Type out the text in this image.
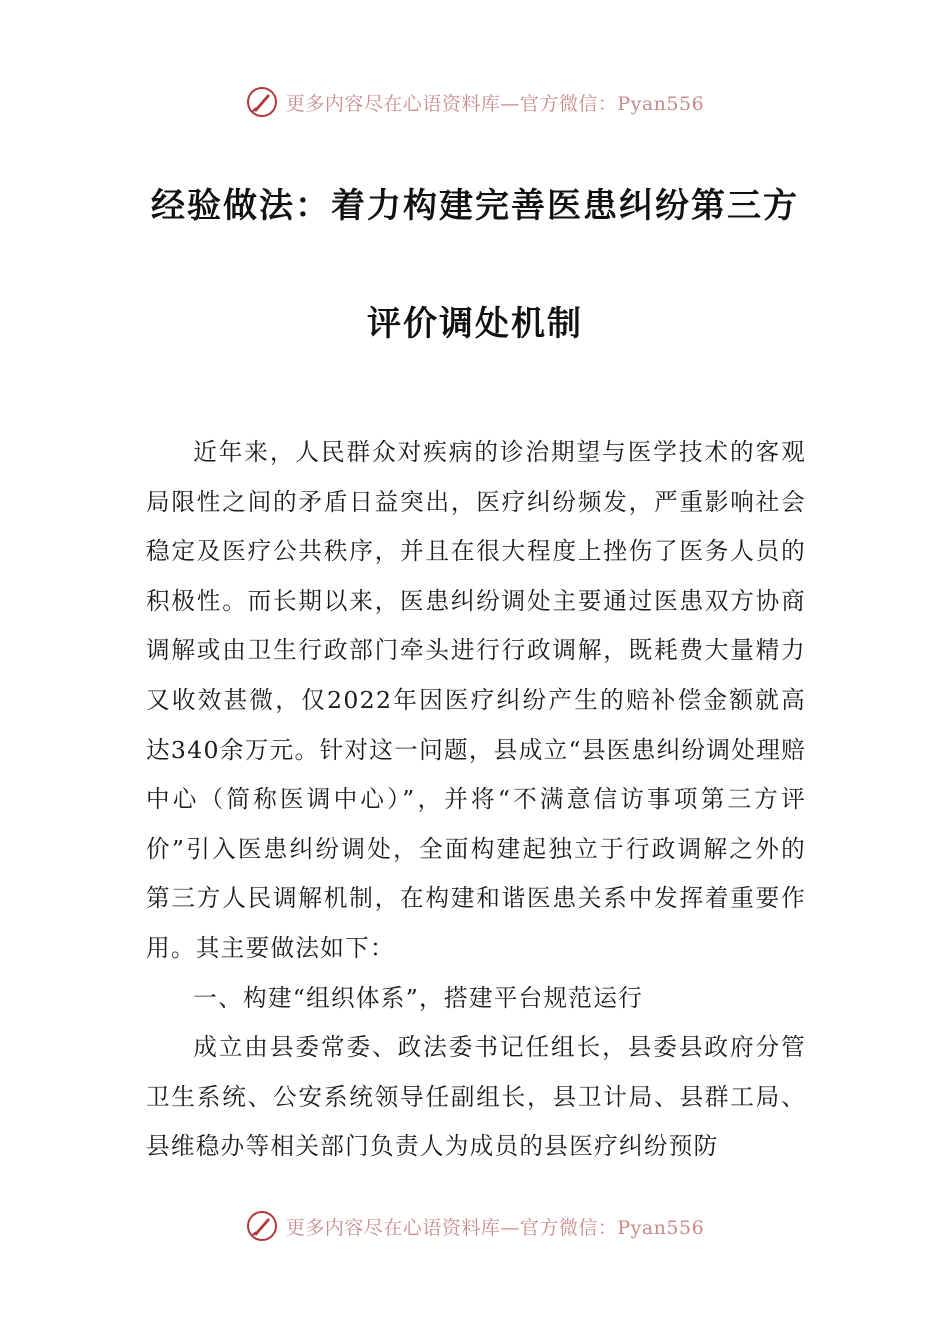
更多内容尽在心语资料库—官方微信：Pyan556
经验做法：着力构建完善医患纠纷第三方
评价调处机制

近年来，人民群众对疾病的诊治期望与医学技术的客观局限性之间的矛盾日益突出，医疗纠纷频发，严重影响社会稳定及医疗公共秩序，并且在很大程度上挫伤了医务人员的积极性。而长期以来，医患纠纷调处主要通过医患双方协商调解或由卫生行政部门牵头进行行政调解，既耗费大量精力又收效甚微，仅2022年因医疗纠纷产生的赔补偿金额就高达340余万元。针对这一问题，县成立“县医患纠纷调处理赔中心（简称医调中心）”，并将“不满意信访事项第三方评价”引入医患纠纷调处，全面构建起独立于行政调解之外的第三方人民调解机制，在构建和谐医患关系中发挥着重要作用。其主要做法如下：

一、构建“组织体系”，搭建平台规范运行

成立由县委常委、政法委书记任组长，县委县政府分管卫生系统、公安系统领导任副组长，县卫计局、县群工局、县维稳办等相关部门负责人为成员的县医疗纠纷预防

更多内容尽在心语资料库—官方微信：Pyan556
